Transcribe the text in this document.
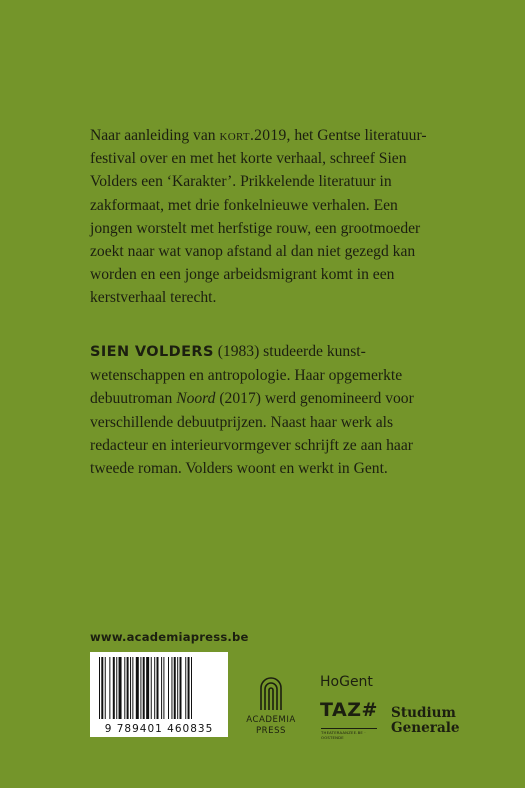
Naar aanleiding van kort.2019, het Gentse literatuur-

festival over en met het korte verhaal, schreef Sien

Volders een ‘Karakter’. Prikkelende literatuur in

zakformaat, met drie fonkelnieuwe verhalen. Een

jongen worstelt met herfstige rouw, een grootmoeder

zoekt naar wat vanop afstand al dan niet gezegd kan

worden en een jonge arbeidsmigrant komt in een

kerstverhaal terecht.

SIEN VOLDERS (1983) studeerde kunst-

wetenschappen en antropologie. Haar opgemerkte

debuutroman Noord (2017) werd genomineerd voor

verschillende debuutprijzen. Naast haar werk als

redacteur en interieurvormgever schrijft ze aan haar

tweede roman. Volders woont en werkt in Gent.

www.academiapress.be
9 789401 460835
ACADEMIA
PRESS
HoGent
TAZ#
THEATERAANZEE.BE · OOSTENDE
Studium
Generale
